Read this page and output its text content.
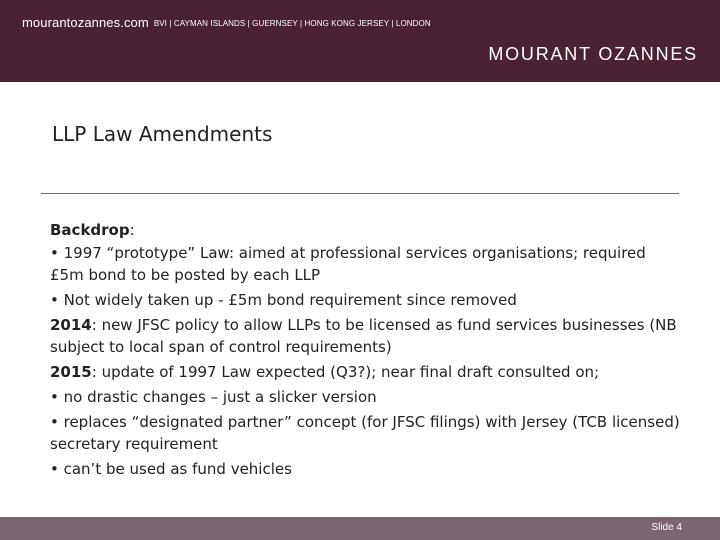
mourantozannes.com BVI | CAYMAN ISLANDS | GUERNSEY | HONG KONG JERSEY | LONDON
MOURANT OZANNES
LLP Law Amendments

Backdrop:

• 1997 “prototype” Law: aimed at professional services organisations; required £5m bond to be posted by each LLP

• Not widely taken up - £5m bond requirement since removed

2014: new JFSC policy to allow LLPs to be licensed as fund services businesses (NB subject to local span of control requirements)

2015: update of 1997 Law expected (Q3?); near final draft consulted on;

• no drastic changes – just a slicker version

• replaces “designated partner” concept (for JFSC filings) with Jersey (TCB licensed) secretary requirement

• can’t be used as fund vehicles

Slide 4
